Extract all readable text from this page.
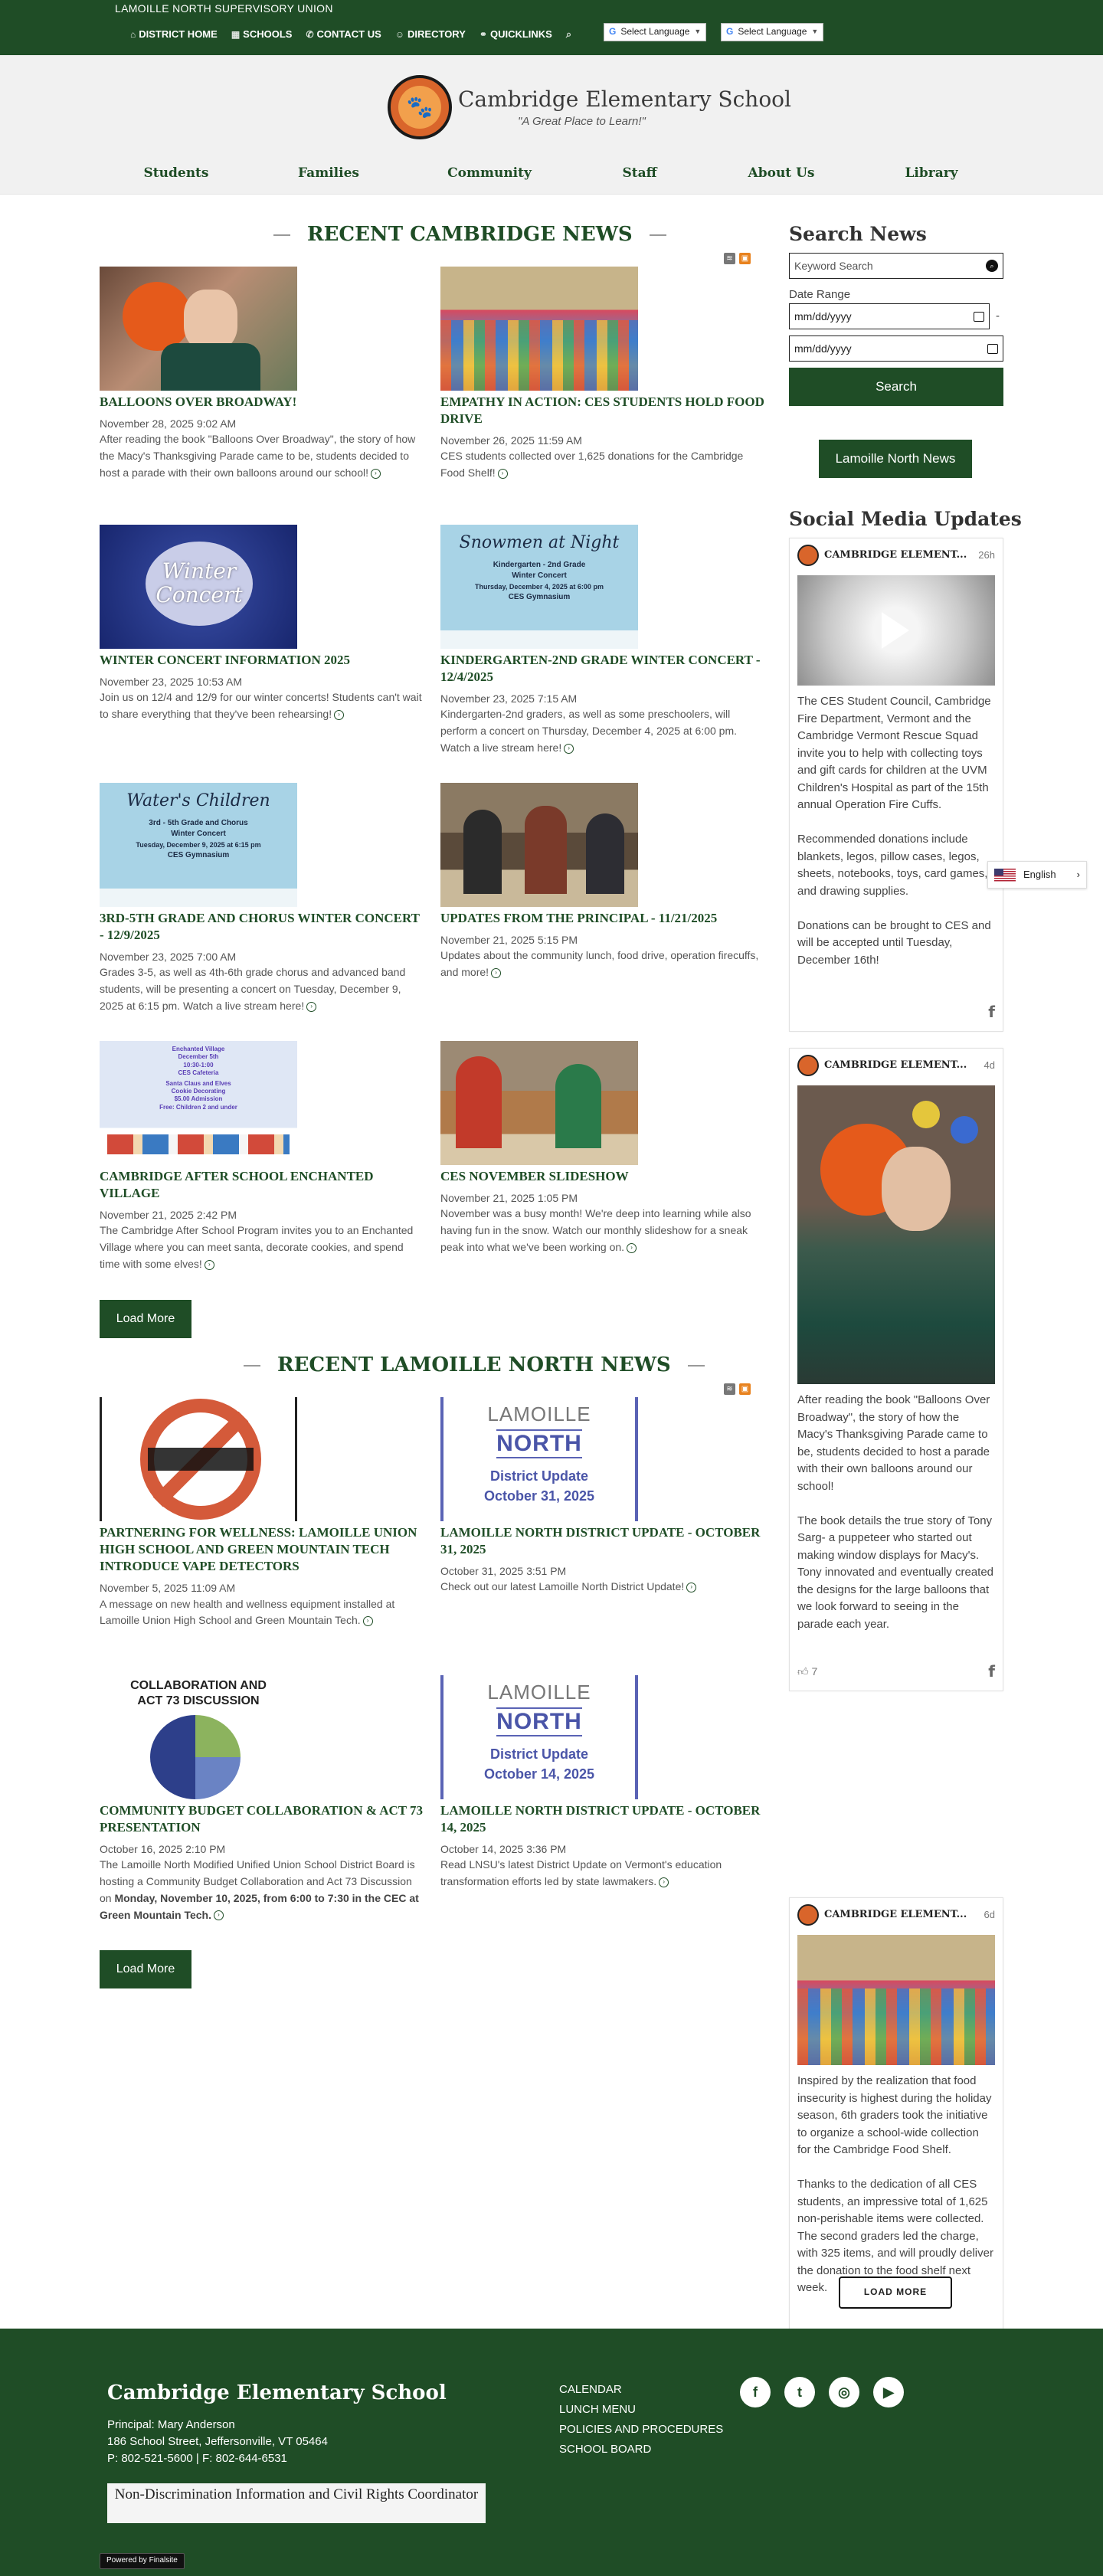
LAMOILLE NORTH SUPERVISORY UNION
⌂ DISTRICT HOME ▦ SCHOOLS ✆ CONTACT US ☺ DIRECTORY ⚭ QUICKLINKS ⌕	G Select Language ▼	G Select Language ▼
🐾	Cambridge Elementary School
"A Great Place to Learn!"
Students	Families	Community	Staff	About Us	Library
RECENT CAMBRIDGE NEWS
≋	▣
BALLOONS OVER BROADWAY!
November 28, 2025 9:02 AM

After reading the book "Balloons Over Broadway", the story of how the Macy's Thanksgiving Parade came to be, students decided to host a parade with their own balloons around our school! ›

EMPATHY IN ACTION: CES STUDENTS HOLD FOOD DRIVE
November 26, 2025 11:59 AM

CES students collected over 1,625 donations for the Cambridge Food Shelf! ›

Winter
Concert
WINTER CONCERT INFORMATION 2025
November 23, 2025 10:53 AM

Join us on 12/4 and 12/9 for our winter concerts! Students can't wait to share everything that they've been rehearsing! ›

Snowmen at Night
Kindergarten - 2nd Grade
Winter Concert
Thursday, December 4, 2025 at 6:00 pm
CES Gymnasium
KINDERGARTEN-2ND GRADE WINTER CONCERT - 12/4/2025
November 23, 2025 7:15 AM

Kindergarten-2nd graders, as well as some preschoolers, will perform a concert on Thursday, December 4, 2025 at 6:00 pm. Watch a live stream here! ›

Water's Children
3rd - 5th Grade and Chorus
Winter Concert
Tuesday, December 9, 2025 at 6:15 pm
CES Gymnasium
3RD-5TH GRADE AND CHORUS WINTER CONCERT - 12/9/2025
November 23, 2025 7:00 AM

Grades 3-5, as well as 4th-6th grade chorus and advanced band students, will be presenting a concert on Tuesday, December 9, 2025 at 6:15 pm. Watch a live stream here! ›

UPDATES FROM THE PRINCIPAL - 11/21/2025
November 21, 2025 5:15 PM

Updates about the community lunch, food drive, operation firecuffs, and more! ›

Enchanted Village
December 5th
10:30-1:00
CES Cafeteria
Santa Claus and Elves
Cookie Decorating
$5.00 Admission
Free: Children 2 and under
CAMBRIDGE AFTER SCHOOL ENCHANTED VILLAGE
November 21, 2025 2:42 PM

The Cambridge After School Program invites you to an Enchanted Village where you can meet santa, decorate cookies, and spend time with some elves! ›

CES NOVEMBER SLIDESHOW
November 21, 2025 1:05 PM

November was a busy month! We're deep into learning while also having fun in the snow. Watch our monthly slideshow for a sneak peak into what we've been working on. ›

Load More
RECENT LAMOILLE NORTH NEWS
≋	▣
PARTNERING FOR WELLNESS: LAMOILLE UNION HIGH SCHOOL AND GREEN MOUNTAIN TECH INTRODUCE VAPE DETECTORS
November 5, 2025 11:09 AM

A message on new health and wellness equipment installed at Lamoille Union High School and Green Mountain Tech. ›

LAMOILLE
NORTH
District Update
October 31, 2025
LAMOILLE NORTH DISTRICT UPDATE - OCTOBER 31, 2025
October 31, 2025 3:51 PM

Check out our latest Lamoille North District Update! ›

COLLABORATION AND
ACT 73 DISCUSSION
COMMUNITY BUDGET COLLABORATION & ACT 73 PRESENTATION
October 16, 2025 2:10 PM

The Lamoille North Modified Unified Union School District Board is hosting a Community Budget Collaboration and Act 73 Discussion on Monday, November 10, 2025, from 6:00 to 7:30 in the CEC at Green Mountain Tech. ›

LAMOILLE
NORTH
District Update
October 14, 2025
LAMOILLE NORTH DISTRICT UPDATE - OCTOBER 14, 2025
October 14, 2025 3:36 PM

Read LNSU's latest District Update on Vermont's education transformation efforts led by state lawmakers. ›

Load More
Search News
Keyword Search	⌕
Date Range
mm/dd/yyyy	-
mm/dd/yyyy
Search
Lamoille North News
Social Media Updates
CAMBRIDGE ELEMENT... 26h
The CES Student Council, Cambridge Fire Department, Vermont and the Cambridge Vermont Rescue Squad invite you to help with collecting toys and gift cards for children at the UVM Children's Hospital as part of the 15th annual Operation Fire Cuffs.

Recommended donations include blankets, legos, pillow cases, legos, sheets, notebooks, toys, card games, and drawing supplies.

Donations can be brought to CES and will be accepted until Tuesday, December 16th!
f
CAMBRIDGE ELEMENT... 4d
After reading the book "Balloons Over Broadway", the story of how the Macy's Thanksgiving Parade came to be, students decided to host a parade with their own balloons around our school!

The book details the true story of Tony Sarg- a puppeteer who started out making window displays for Macy's. Tony innovated and eventually created the designs for the large balloons that we look forward to seeing in the parade each year.
👍︎ 7	f
CAMBRIDGE ELEMENT... 6d
Inspired by the realization that food insecurity is highest during the holiday season, 6th graders took the initiative to organize a school-wide collection for the Cambridge Food Shelf.

Thanks to the dedication of all CES students, an impressive total of 1,625 non-perishable items were collected. The second graders led the charge, with 325 items, and will proudly deliver the donation to the food shelf next week.	LOAD MORE
English ›
Cambridge Elementary School
Principal: Mary Anderson
186 School Street, Jeffersonville, VT 05464
P: 802-521-5600 | F: 802-644-6531
Non-Discrimination Information and Civil Rights Coordinator
CALENDAR
LUNCH MENU
POLICIES AND PROCEDURES
SCHOOL BOARD
f	t	◎	▶
Powered by Finalsite
